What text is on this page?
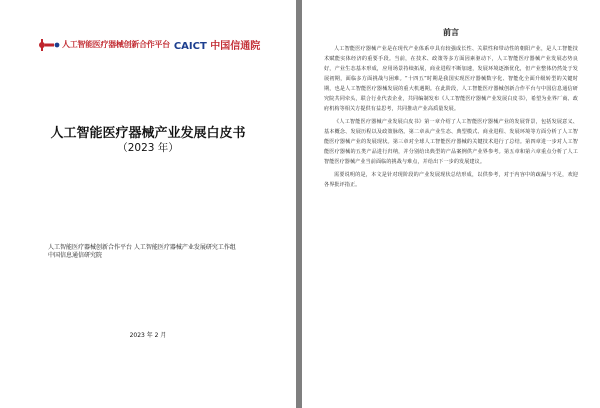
人工智能医疗器械创新合作平台 CAICT 中国信通院
人工智能医疗器械产业发展白皮书
（2023 年）
人工智能医疗器械创新合作平台 人工智能医疗器械产业发展研究工作组
中国信息通信研究院
2023 年 2 月
前言

人工智能医疗器械产业是在现代产业体系中具有较强成长性、关联性和带动性的朝阳产业，是人工智能技术赋能实体经济的重要手段。当前，在技术、政策等多方面因素驱动下，人工智能医疗器械产业发展态势良好，产业生态基本形成，应用场景持续拓展，商业进程不断加速，发展环境逐渐优化，但产业整体仍然处于发展初期，面临多方面挑战与困难。“十四五”时期是我国实现医疗器械数字化、智能化全面升级转型的关键时期，也是人工智能医疗器械发展的重大机遇期。在此阶段，人工智能医疗器械创新合作平台与中国信息通信研究院共同牵头，联合行业代表企业，共同编制发布《人工智能医疗器械产业发展白皮书》，希望为业界厂商、政府机构等相关方提供有益思考，共同推动产业高质量发展。

《人工智能医疗器械产业发展白皮书》第一章介绍了人工智能医疗器械产业的发展背景，包括发展意义、基本概念、发展历程以及政策脉络。第二章从产业生态、典型模式、商业进程、发展环境等方面分析了人工智能医疗器械产业的发展现状。第三章对全球人工智能医疗器械的关键技术进行了总结。第四章进一步对人工智能医疗器械的五类产品进行归纳，并分别给出典型的产品案例供产业界参考。第五章和第六章重点分析了人工智能医疗器械产业当前面临的挑战与难点，并给出下一步的发展建议。

需要说明的是，本文是针对现阶段的产业发展现状总结形成，以供参考，对于内容中的疏漏与不足，欢迎各界批评指正。
